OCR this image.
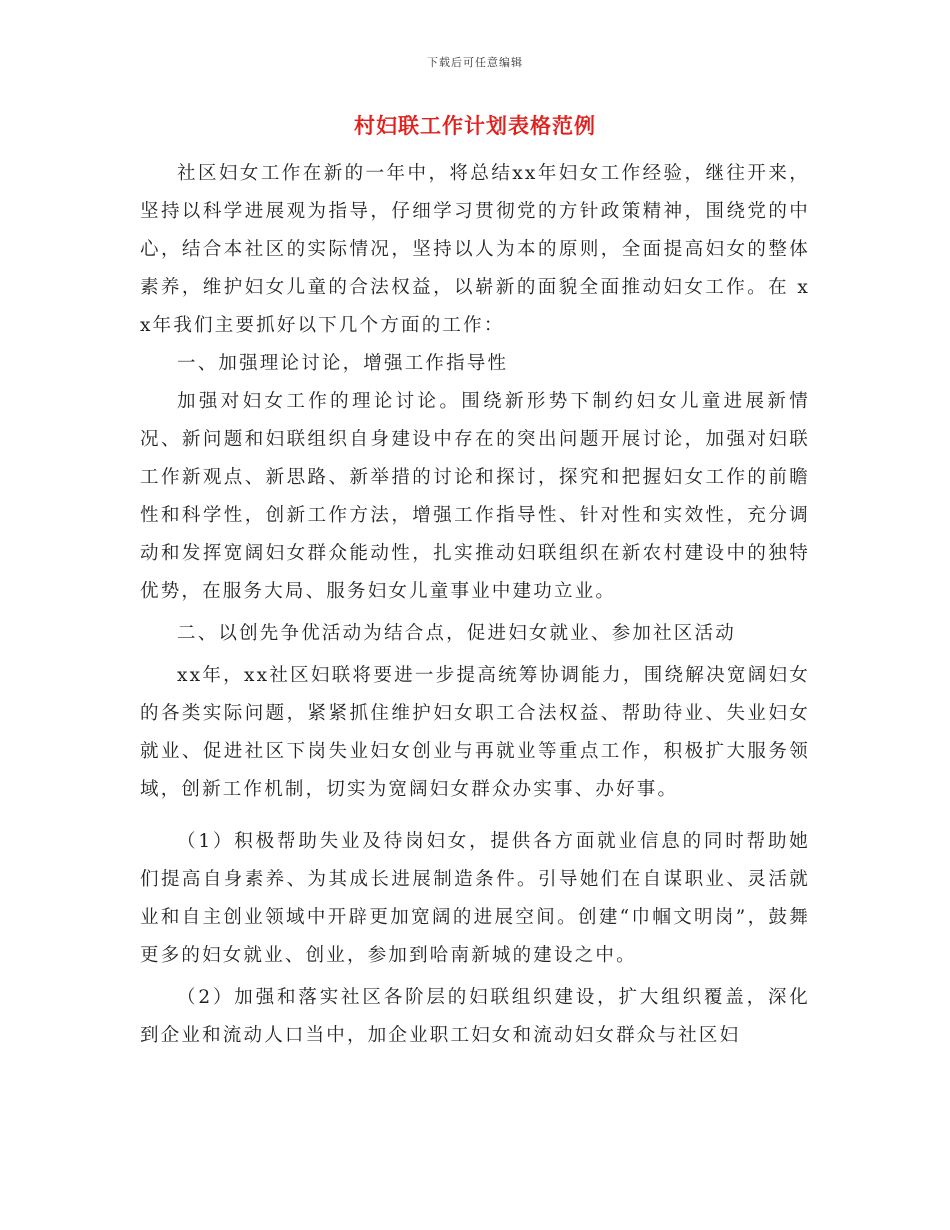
下载后可任意编辑
村妇联工作计划表格范例

社区妇女工作在新的一年中，将总结xx年妇女工作经验，继往开来，坚持以科学进展观为指导，仔细学习贯彻党的方针政策精神，围绕党的中心，结合本社区的实际情况，坚持以人为本的原则，全面提高妇女的整体素养，维护妇女儿童的合法权益，以崭新的面貌全面推动妇女工作。在 xx年我们主要抓好以下几个方面的工作：

一、加强理论讨论，增强工作指导性

加强对妇女工作的理论讨论。围绕新形势下制约妇女儿童进展新情况、新问题和妇联组织自身建设中存在的突出问题开展讨论，加强对妇联工作新观点、新思路、新举措的讨论和探讨，探究和把握妇女工作的前瞻性和科学性，创新工作方法，增强工作指导性、针对性和实效性，充分调动和发挥宽阔妇女群众能动性，扎实推动妇联组织在新农村建设中的独特优势，在服务大局、服务妇女儿童事业中建功立业。

二、以创先争优活动为结合点，促进妇女就业、参加社区活动

xx年，xx社区妇联将要进一步提高统筹协调能力，围绕解决宽阔妇女的各类实际问题，紧紧抓住维护妇女职工合法权益、帮助待业、失业妇女就业、促进社区下岗失业妇女创业与再就业等重点工作，积极扩大服务领域，创新工作机制，切实为宽阔妇女群众办实事、办好事。

（1）积极帮助失业及待岗妇女，提供各方面就业信息的同时帮助她们提高自身素养、为其成长进展制造条件。引导她们在自谋职业、灵活就业和自主创业领域中开辟更加宽阔的进展空间。创建“巾帼文明岗”，鼓舞更多的妇女就业、创业，参加到哈南新城的建设之中。

（2）加强和落实社区各阶层的妇联组织建设，扩大组织覆盖，深化到企业和流动人口当中，加企业职工妇女和流动妇女群众与社区妇
